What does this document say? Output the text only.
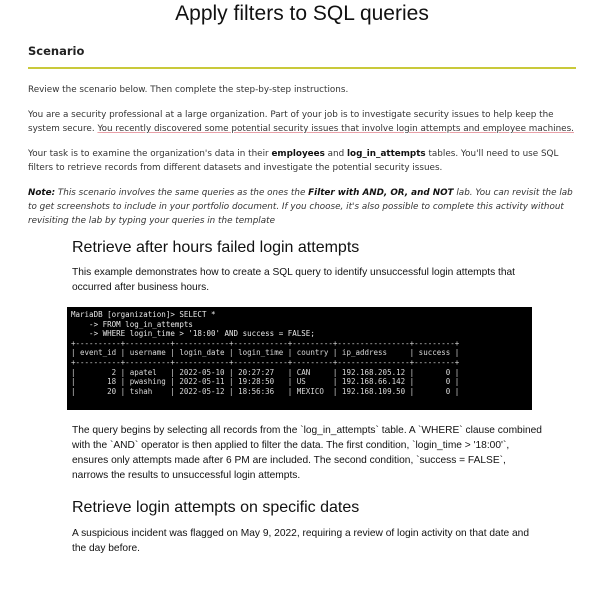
Apply filters to SQL queries
Scenario
Review the scenario below. Then complete the step-by-step instructions.
You are a security professional at a large organization. Part of your job is to investigate security issues to help keep the system secure. You recently discovered some potential security issues that involve login attempts and employee machines.
Your task is to examine the organization's data in their employees and log_in_attempts tables. You'll need to use SQL filters to retrieve records from different datasets and investigate the potential security issues.
Note: This scenario involves the same queries as the ones the Filter with AND, OR, and NOT lab. You can revisit the lab to get screenshots to include in your portfolio document. If you choose, it's also possible to complete this activity without revisiting the lab by typing your queries in the template
Retrieve after hours failed login attempts
This example demonstrates how to create a SQL query to identify unsuccessful login attempts that occurred after business hours.
MariaDB [organization]> SELECT *
-> FROM log_in_attempts
-> WHERE login_time > '18:00' AND success = FALSE;
+----------+----------+------------+------------+---------+----------------+---------+
| event_id | username | login_date | login_time | country | ip_address     | success |
+----------+----------+------------+------------+---------+----------------+---------+
|        2 | apatel   | 2022-05-10 | 20:27:27   | CAN     | 192.168.205.12 |       0 |
|       18 | pwashing | 2022-05-11 | 19:28:50   | US      | 192.168.66.142 |       0 |
|       20 | tshah    | 2022-05-12 | 18:56:36   | MEXICO  | 192.168.109.50 |       0 |
The query begins by selecting all records from the `log_in_attempts` table. A `WHERE` clause combined with the `AND` operator is then applied to filter the data. The first condition, `login_time > '18:00'`, ensures only attempts made after 6 PM are included. The second condition, `success = FALSE`, narrows the results to unsuccessful login attempts.
Retrieve login attempts on specific dates
A suspicious incident was flagged on May 9, 2022, requiring a review of login activity on that date and the day before.
